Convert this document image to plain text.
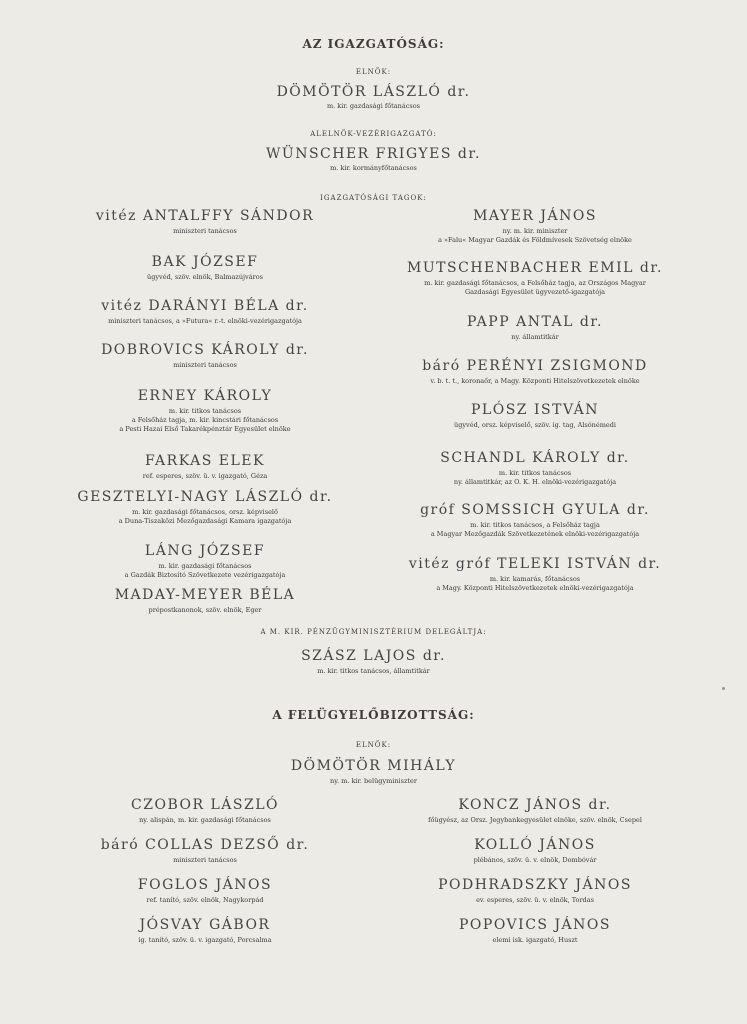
AZ IGAZGATÓSÁG:
ELNÖK:
DÖMÖTÖR LÁSZLÓ dr.
m. kir. gazdasági főtanácsos
ALELNÖK-VEZÉRIGAZGATÓ:
WÜNSCHER FRIGYES dr.
m. kir. kormányfőtanácsos
IGAZGATÓSÁGI TAGOK:
vitéz ANTALFFY SÁNDOR
miniszteri tanácsos
BAK JÓZSEF
ügyvéd, szöv. elnök, Balmazújváros
vitéz DARÁNYI BÉLA dr.
miniszteri tanácsos, a »Futura« r.-t. elnöki-vezérigazgatója
DOBROVICS KÁROLY dr.
miniszteri tanácsos
ERNEY KÁROLY
m. kir. titkos tanácsos
a Felsőház tagja, m. kir. kincstári főtanácsos
a Pesti Hazai Első Takarékpénztár Egyesület elnöke
FARKAS ELEK
ref. esperes, szöv. ü. v. igazgató, Géza
GESZTELYI-NAGY LÁSZLÓ dr.
m. kir. gazdasági főtanácsos, orsz. képviselő
a Duna-Tiszaközi Mezőgazdasági Kamara igazgatója
LÁNG JÓZSEF
m. kir. gazdasági főtanácsos
a Gazdák Biztosító Szövetkezete vezérigazgatója
MADAY-MEYER BÉLA
prépostkanonok, szöv. elnök, Eger
MAYER JÁNOS
ny. m. kir. miniszter
a »Falu« Magyar Gazdák és Földmívesek Szövetség elnöke
MUTSCHENBACHER EMIL dr.
m. kir. gazdasági főtanácsos, a Felsőház tagja, az Országos Magyar
Gazdasági Egyesület ügyvezető-igazgatója
PAPP ANTAL dr.
ny. államtitkár
báró PERÉNYI ZSIGMOND
v. b. t. t., koronaőr, a Magy. Központi Hitelszövetkezetek elnöke
PLÓSZ ISTVÁN
ügyvéd, orsz. képviselő, szöv. ig. tag, Alsónémedi
SCHANDL KÁROLY dr.
m. kir. titkos tanácsos
ny. államtitkár, az O. K. H. elnöki-vezérigazgatója
gróf SOMSSICH GYULA dr.
m. kir. titkos tanácsos, a Felsőház tagja
a Magyar Mezőgazdák Szövetkezetének elnöki-vezérigazgatója
vitéz gróf TELEKI ISTVÁN dr.
m. kir. kamarás, főtanácsos
a Magy. Központi Hitelszövetkezetek elnöki-vezérigazgatója
A M. KIR. PÉNZÜGYMINISZTÉRIUM DELEGÁLTJA:
SZÁSZ LAJOS dr.
m. kir. titkos tanácsos, államtitkár
A FELÜGYELŐBIZOTTSÁG:
ELNÖK:
DÖMÖTÖR MIHÁLY
ny. m. kir. belügyminiszter
CZOBOR LÁSZLÓ
ny. alispán, m. kir. gazdasági főtanácsos
báró COLLAS DEZSŐ dr.
miniszteri tanácsos
FOGLOS JÁNOS
ref. tanító, szöv. elnök, Nagykorpád
JÓSVAY GÁBOR
ig. tanító, szöv. ü. v. igazgató, Porcsalma
KONCZ JÁNOS dr.
főügyész, az Orsz. Jegybankegyesület elnöke, szöv. elnök, Csepel
KOLLÓ JÁNOS
plébános, szöv. ü. v. elnök, Dombóvár
PODHRADSZKY JÁNOS
ev. esperes, szöv. ü. v. elnök, Tordas
POPOVICS JÁNOS
elemi isk. igazgató, Huszt
